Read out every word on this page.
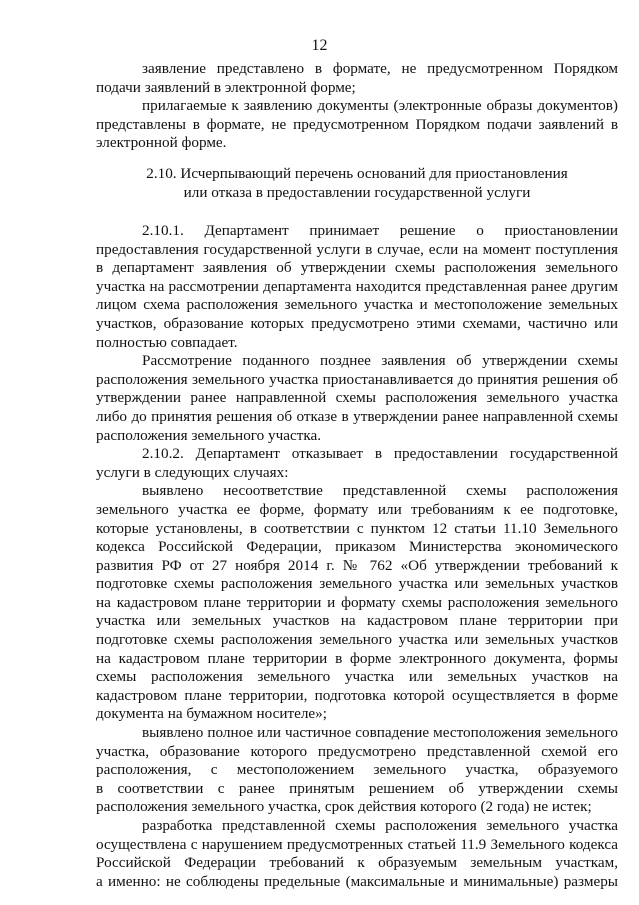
12
заявление представлено в формате, не предусмотренном Порядком
подачи заявлений в электронной форме;
прилагаемые к заявлению документы (электронные образы документов)
представлены в формате, не предусмотренном Порядком подачи заявлений в
электронной форме.
2.10. Исчерпывающий перечень оснований для приостановления
или отказа в предоставлении государственной услуги
2.10.1. Департамент принимает решение о приостановлении
предоставления государственной услуги в случае, если на момент поступления
в департамент заявления об утверждении схемы расположения земельного
участка на рассмотрении департамента находится представленная ранее другим
лицом схема расположения земельного участка и местоположение земельных
участков, образование которых предусмотрено этими схемами, частично или
полностью совпадает.
Рассмотрение поданного позднее заявления об утверждении схемы
расположения земельного участка приостанавливается до принятия решения об
утверждении ранее направленной схемы расположения земельного участка
либо до принятия решения об отказе в утверждении ранее направленной схемы
расположения земельного участка.
2.10.2. Департамент отказывает в предоставлении государственной
услуги в следующих случаях:
выявлено несоответствие представленной схемы расположения
земельного участка ее форме, формату или требованиям к ее подготовке,
которые установлены, в соответствии с пунктом 12 статьи 11.10 Земельного
кодекса Российской Федерации, приказом Министерства экономического
развития РФ от 27 ноября 2014 г. № 762 «Об утверждении требований к
подготовке схемы расположения земельного участка или земельных участков
на кадастровом плане территории и формату схемы расположения земельного
участка или земельных участков на кадастровом плане территории при
подготовке схемы расположения земельного участка или земельных участков
на кадастровом плане территории в форме электронного документа, формы
схемы расположения земельного участка или земельных участков на
кадастровом плане территории, подготовка которой осуществляется в форме
документа на бумажном носителе»;
выявлено полное или частичное совпадение местоположения земельного
участка, образование которого предусмотрено представленной схемой его
расположения, с местоположением земельного участка, образуемого
в соответствии с ранее принятым решением об утверждении схемы
расположения земельного участка, срок действия которого (2 года) не истек;
разработка представленной схемы расположения земельного участка
осуществлена с нарушением предусмотренных статьей 11.9 Земельного кодекса
Российской Федерации требований к образуемым земельным участкам,
а именно: не соблюдены предельные (максимальные и минимальные) размеры
